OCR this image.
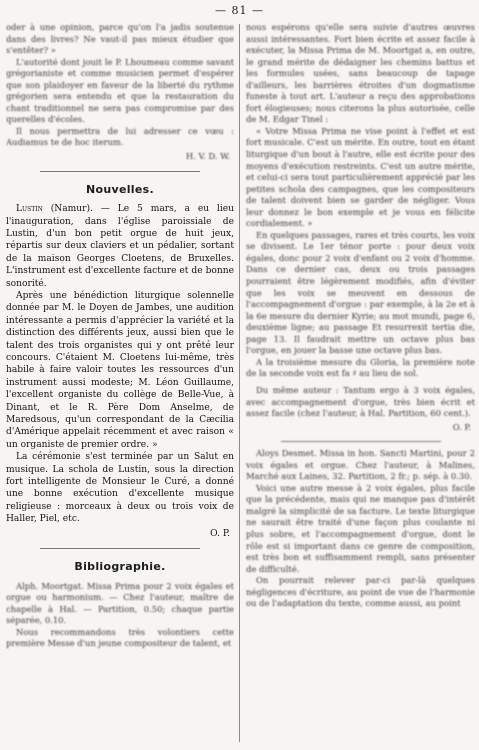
— 81 —

oder à une opinion, parce qu'on l'a jadis soutenue dans des livres? Ne vaut-il pas mieux étudier que s'entêter? »

L'autorité dont jouit le P. Lhoumeau comme savant grégorianiste et comme musicien permet d'espérer que son plaidoyer en faveur de la liberté du rythme grégorien sera entendu et que la restauration du chant traditionnel ne sera pas compromise par des querelles d'écoles.

Il nous permettra de lui adresser ce vœu : Audiamus te de hoc iterum.

H. V. D. W.
Nouvelles.

Lustin (Namur). — Le 5 mars, a eu lieu l'inauguration, dans l'église paroissiale de Lustin, d'un bon petit orgue de huit jeux, répartis sur deux claviers et un pédalier, sortant de la maison Georges Cloetens, de Bruxelles. L'instrument est d'excellente facture et de bonne sonorité.

Après une bénédiction liturgique solennelle donnée par M. le Doyen de Jambes, une audition intéressante a permis d'apprécier la variété et la distinction des différents jeux, aussi bien que le talent des trois organistes qui y ont prêté leur concours. C'étaient M. Cloetens lui-même, très habile à faire valoir toutes les ressources d'un instrument aussi modeste; M. Léon Guillaume, l'excellent organiste du collège de Belle-Vue, à Dinant, et le R. Père Dom Anselme, de Maredsous, qu'un correspondant de la Cæcilia d'Amérique appelait récemment et avec raison « un organiste de premier ordre. »

La cérémonie s'est terminée par un Salut en musique. La schola de Lustin, sous la direction fort intelligente de Monsieur le Curé, a donné une bonne exécution d'excellente musique religieuse : morceaux à deux ou trois voix de Haller, Piel, etc.

O. P.
Bibliographie.

Alph. Moortgat. Missa Prima pour 2 voix égales et orgue ou harmonium. — Chez l'auteur, maître de chapelle à Hal. — Partition, 0.50; chaque partie séparée, 0.10.

Nous recommandons très volontiers cette première Messe d'un jeune compositeur de talent, et

nous espérons qu'elle sera suivie d'autres œuvres aussi intéressantes. Fort bien écrite et assez facile à exécuter, la Missa Prima de M. Moortgat a, en outre, le grand mérite de dédaigner les chemins battus et les formules usées, sans beaucoup de tapage d'ailleurs, les barrières étroites d'un dogmatisme funeste à tout art. L'auteur a reçu des approbations fort élogieuses; nous citerons la plus autorisée, celle de M. Edgar Tinel :

« Votre Missa Prima ne vise point à l'effet et est fort musicale. C'est un mérite. En outre, tout en étant liturgique d'un bout à l'autre, elle est écrite pour des moyens d'exécution restreints. C'est un autre mérite, et celui-ci sera tout particulièrement apprécié par les petites schola des campagnes, que les compositeurs de talent doivent bien se garder de négliger. Vous leur donnez le bon exemple et je vous en félicite cordialement. »

En quelques passages, rares et très courts, les voix se divisent. Le 1er ténor porte : pour deux voix égales, donc pour 2 voix d'enfant ou 2 voix d'homme. Dans ce dernier cas, deux ou trois passages pourraient être légèrement modifiés, afin d'éviter que les voix se meuvent en dessous de l'accompagnement d'orgue : par exemple, à la 2e et à la 6e mesure du dernier Kyrie; au mot mundi, page 6, deuxième ligne; au passage Et resurrexit tertia die, page 13. Il faudrait mettre un octave plus bas l'orgue, en jouer la basse une octave plus bas.

A la troisième mesure du Gloria, la première note de la seconde voix est fa ♯ au lieu de sol.

Du même auteur : Tantum ergo à 3 voix égales, avec accompagnement d'orgue, très bien écrit et assez facile (chez l'auteur, à Hal. Partition, 60 cent.).

O. P.

Aloys Desmet. Missa in hon. Sancti Martini, pour 2 voix égales et orgue. Chez l'auteur, à Malines, Marché aux Laines, 32. Partition, 2 fr.; p. sép. à 0.30.

Voici une autre messe à 2 voix égales, plus facile que la précédente, mais qui ne manque pas d'intérêt malgré la simplicité de sa facture. Le texte liturgique ne saurait être traité d'une façon plus coulante ni plus sobre, et l'accompagnement d'orgue, dont le rôle est si important dans ce genre de composition, est très bon et suffisamment rempli, sans présenter de difficulté.

On pourrait relever par-ci par-là quelques négligences d'écriture, au point de vue de l'harmonie ou de l'adaptation du texte, comme aussi, au point
